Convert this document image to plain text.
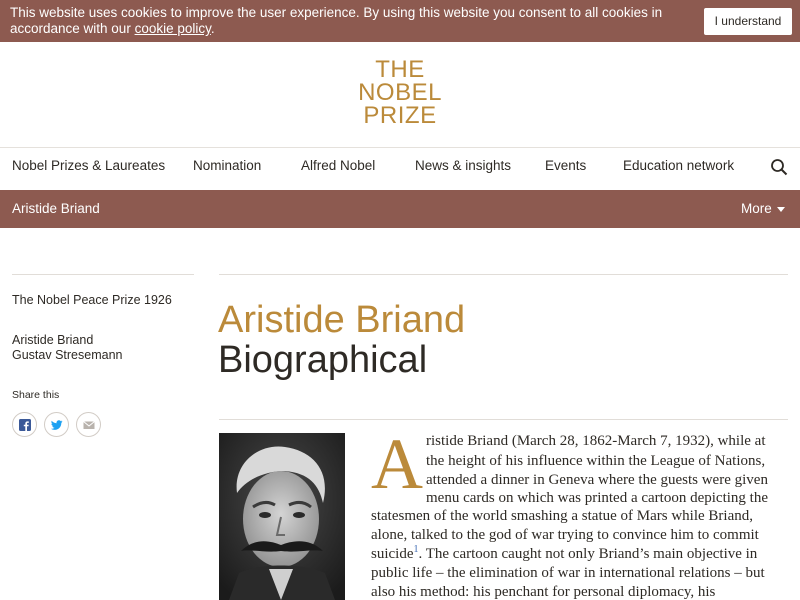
This website uses cookies to improve the user experience. By using this website you consent to all cookies in accordance with our cookie policy.	I understand
THE
NOBEL
PRIZE
Nobel Prizes & Laureates Nomination	Alfred Nobel	News & insights	Events	Education network
Aristide Briand	More
The Nobel Peace Prize 1926
Aristide Briand
Gustav Stresemann
Share this
Aristide Briand
Biographical
A ristide Briand (March 28, 1862-March 7, 1932), while at
the height of his influence within the League of Nations,
attended a dinner in Geneva where the guests were given
menu cards on which was printed a cartoon depicting the
statesmen of the world smashing a statue of Mars while Briand,
alone, talked to the god of war trying to convince him to commit
suicide$^1$. The cartoon caught not only Briand’s main objective in
public life – the elimination of war in international relations – but
also his method: his penchant for personal diplomacy, his
